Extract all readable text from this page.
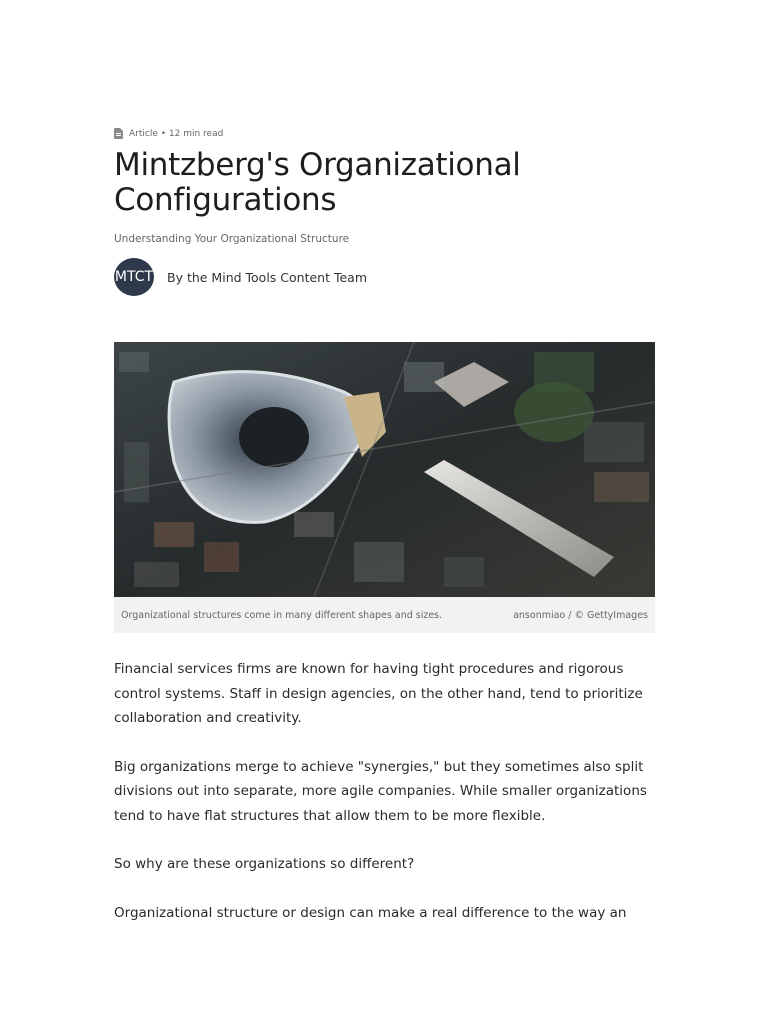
Article • 12 min read
Mintzberg's Organizational Configurations
Understanding Your Organizational Structure
MTCT By the Mind Tools Content Team
Organizational structures come in many different shapes and sizes.	ansonmiao / © GettyImages

Financial services firms are known for having tight procedures and rigorous control systems. Staff in design agencies, on the other hand, tend to prioritize collaboration and creativity.

Big organizations merge to achieve "synergies," but they sometimes also split divisions out into separate, more agile companies. While smaller organizations tend to have flat structures that allow them to be more flexible.

So why are these organizations so different?

Organizational structure or design can make a real difference to the way an
